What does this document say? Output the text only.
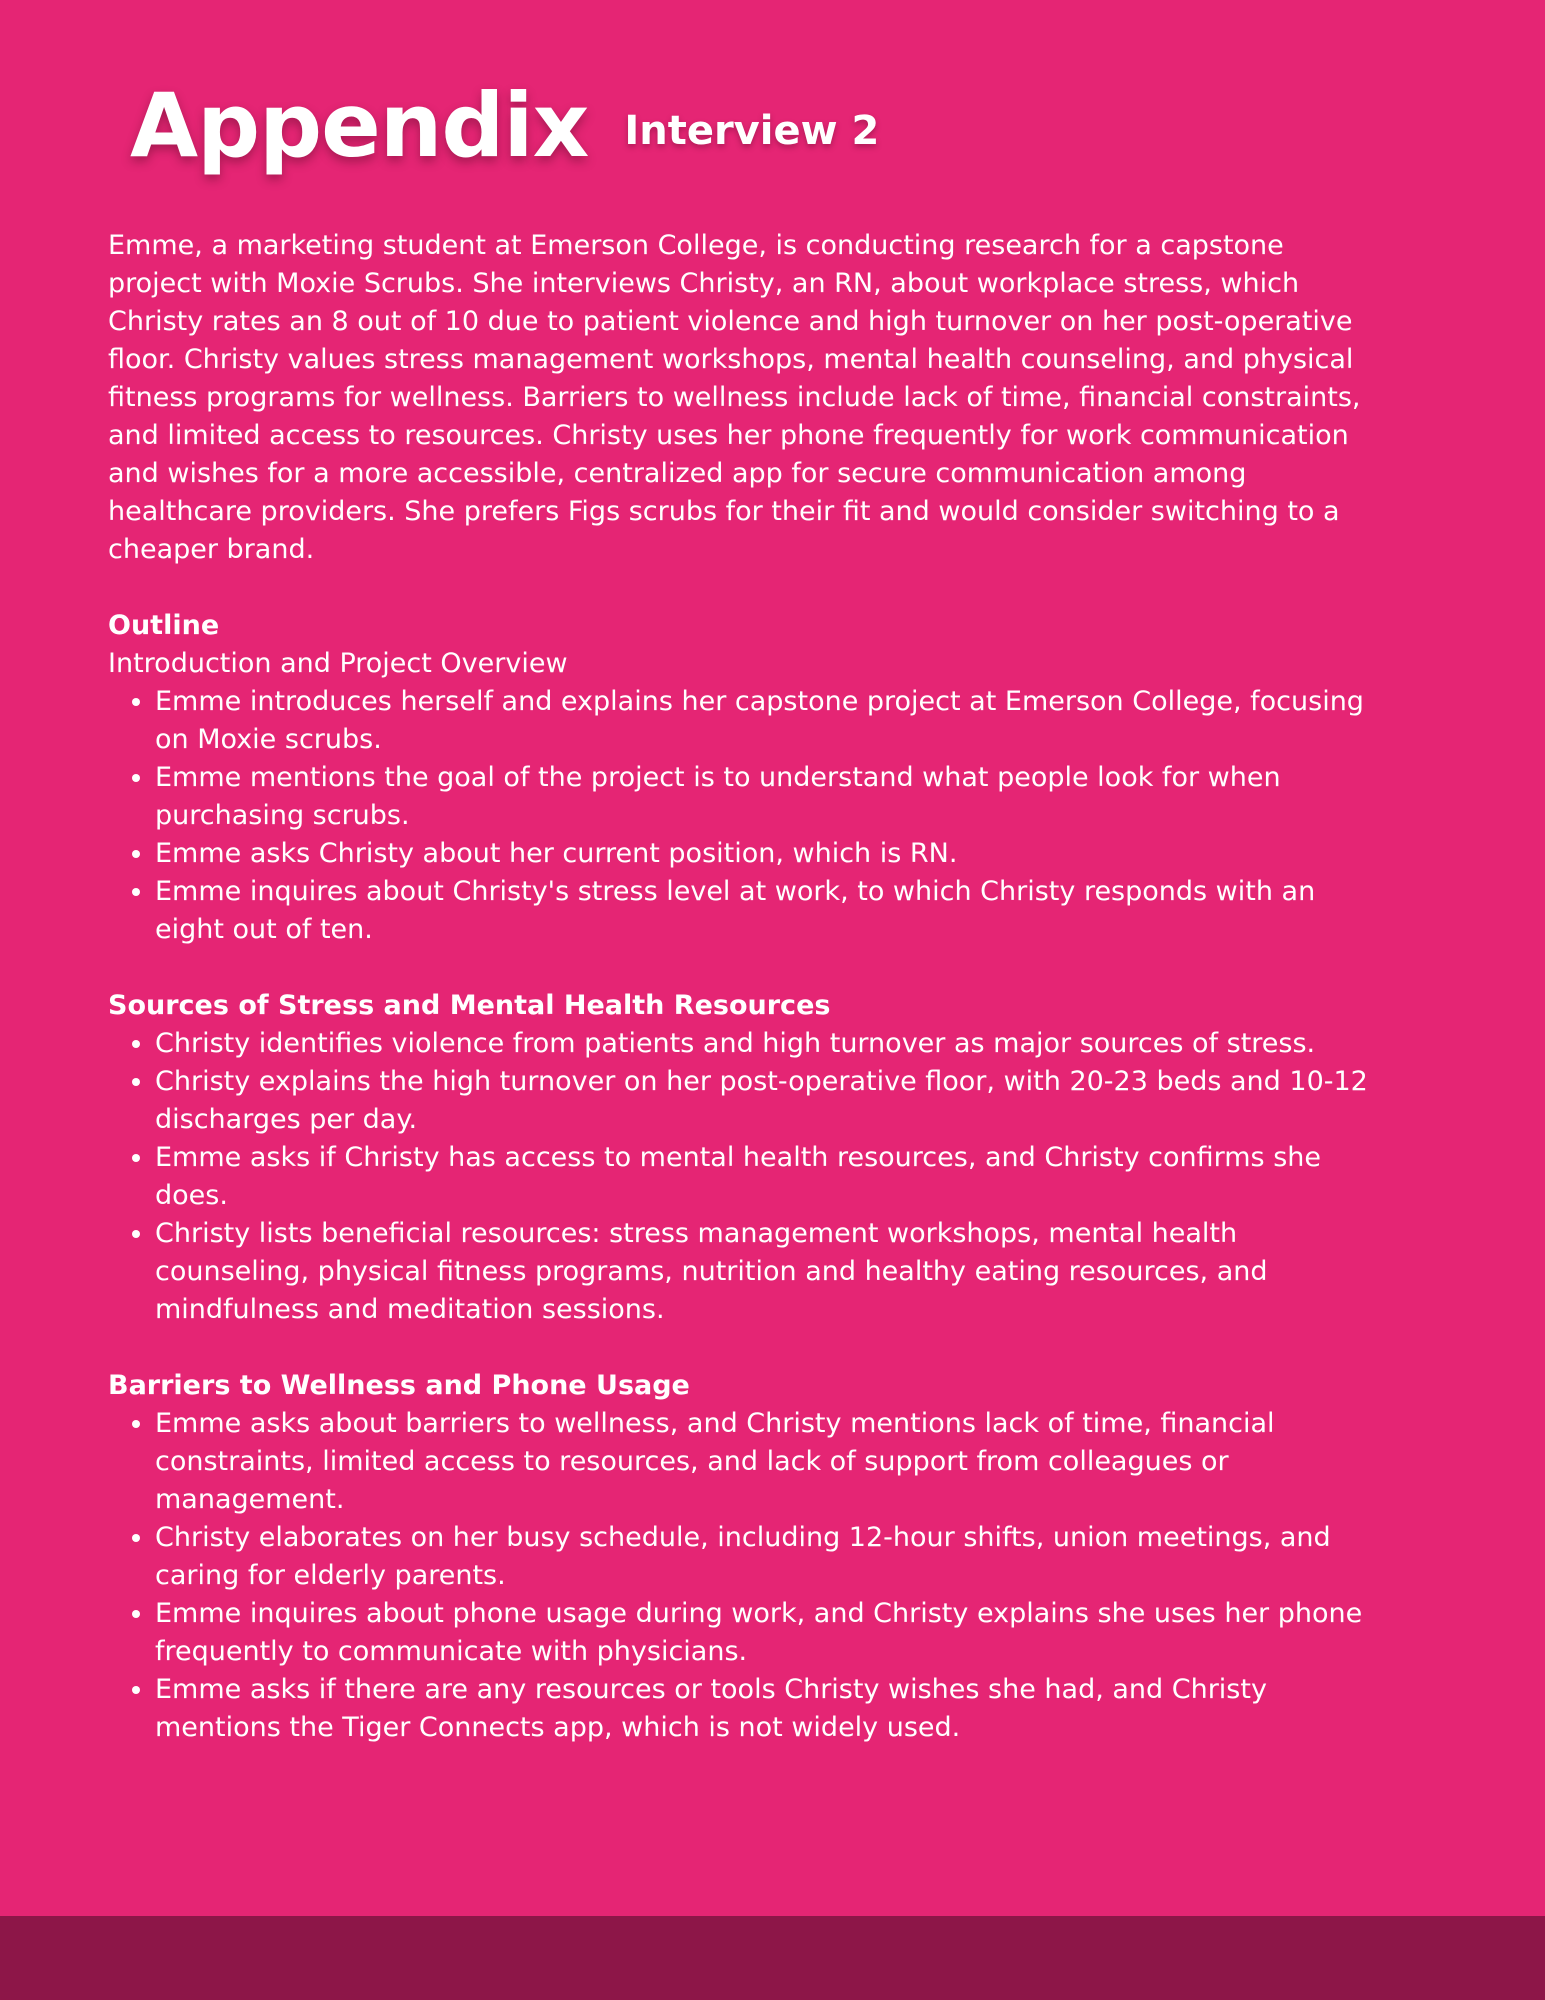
Appendix Interview 2

Emme, a marketing student at Emerson College, is conducting research for a capstone project with Moxie Scrubs. She interviews Christy, an RN, about workplace stress, which Christy rates an 8 out of 10 due to patient violence and high turnover on her post-operative floor. Christy values stress management workshops, mental health counseling, and physical fitness programs for wellness. Barriers to wellness include lack of time, financial constraints, and limited access to resources. Christy uses her phone frequently for work communication and wishes for a more accessible, centralized app for secure communication among healthcare providers. She prefers Figs scrubs for their fit and would consider switching to a cheaper brand.

Outline

Introduction and Project Overview

• Emme introduces herself and explains her capstone project at Emerson College, focusing on Moxie scrubs.
• Emme mentions the goal of the project is to understand what people look for when purchasing scrubs.
• Emme asks Christy about her current position, which is RN.
• Emme inquires about Christy's stress level at work, to which Christy responds with an eight out of ten.

Sources of Stress and Mental Health Resources

• Christy identifies violence from patients and high turnover as major sources of stress.
• Christy explains the high turnover on her post-operative floor, with 20-23 beds and 10-12 discharges per day.
• Emme asks if Christy has access to mental health resources, and Christy confirms she does.
• Christy lists beneficial resources: stress management workshops, mental health counseling, physical fitness programs, nutrition and healthy eating resources, and mindfulness and meditation sessions.

Barriers to Wellness and Phone Usage

• Emme asks about barriers to wellness, and Christy mentions lack of time, financial constraints, limited access to resources, and lack of support from colleagues or management.
• Christy elaborates on her busy schedule, including 12-hour shifts, union meetings, and caring for elderly parents.
• Emme inquires about phone usage during work, and Christy explains she uses her phone frequently to communicate with physicians.
• Emme asks if there are any resources or tools Christy wishes she had, and Christy mentions the Tiger Connects app, which is not widely used.
